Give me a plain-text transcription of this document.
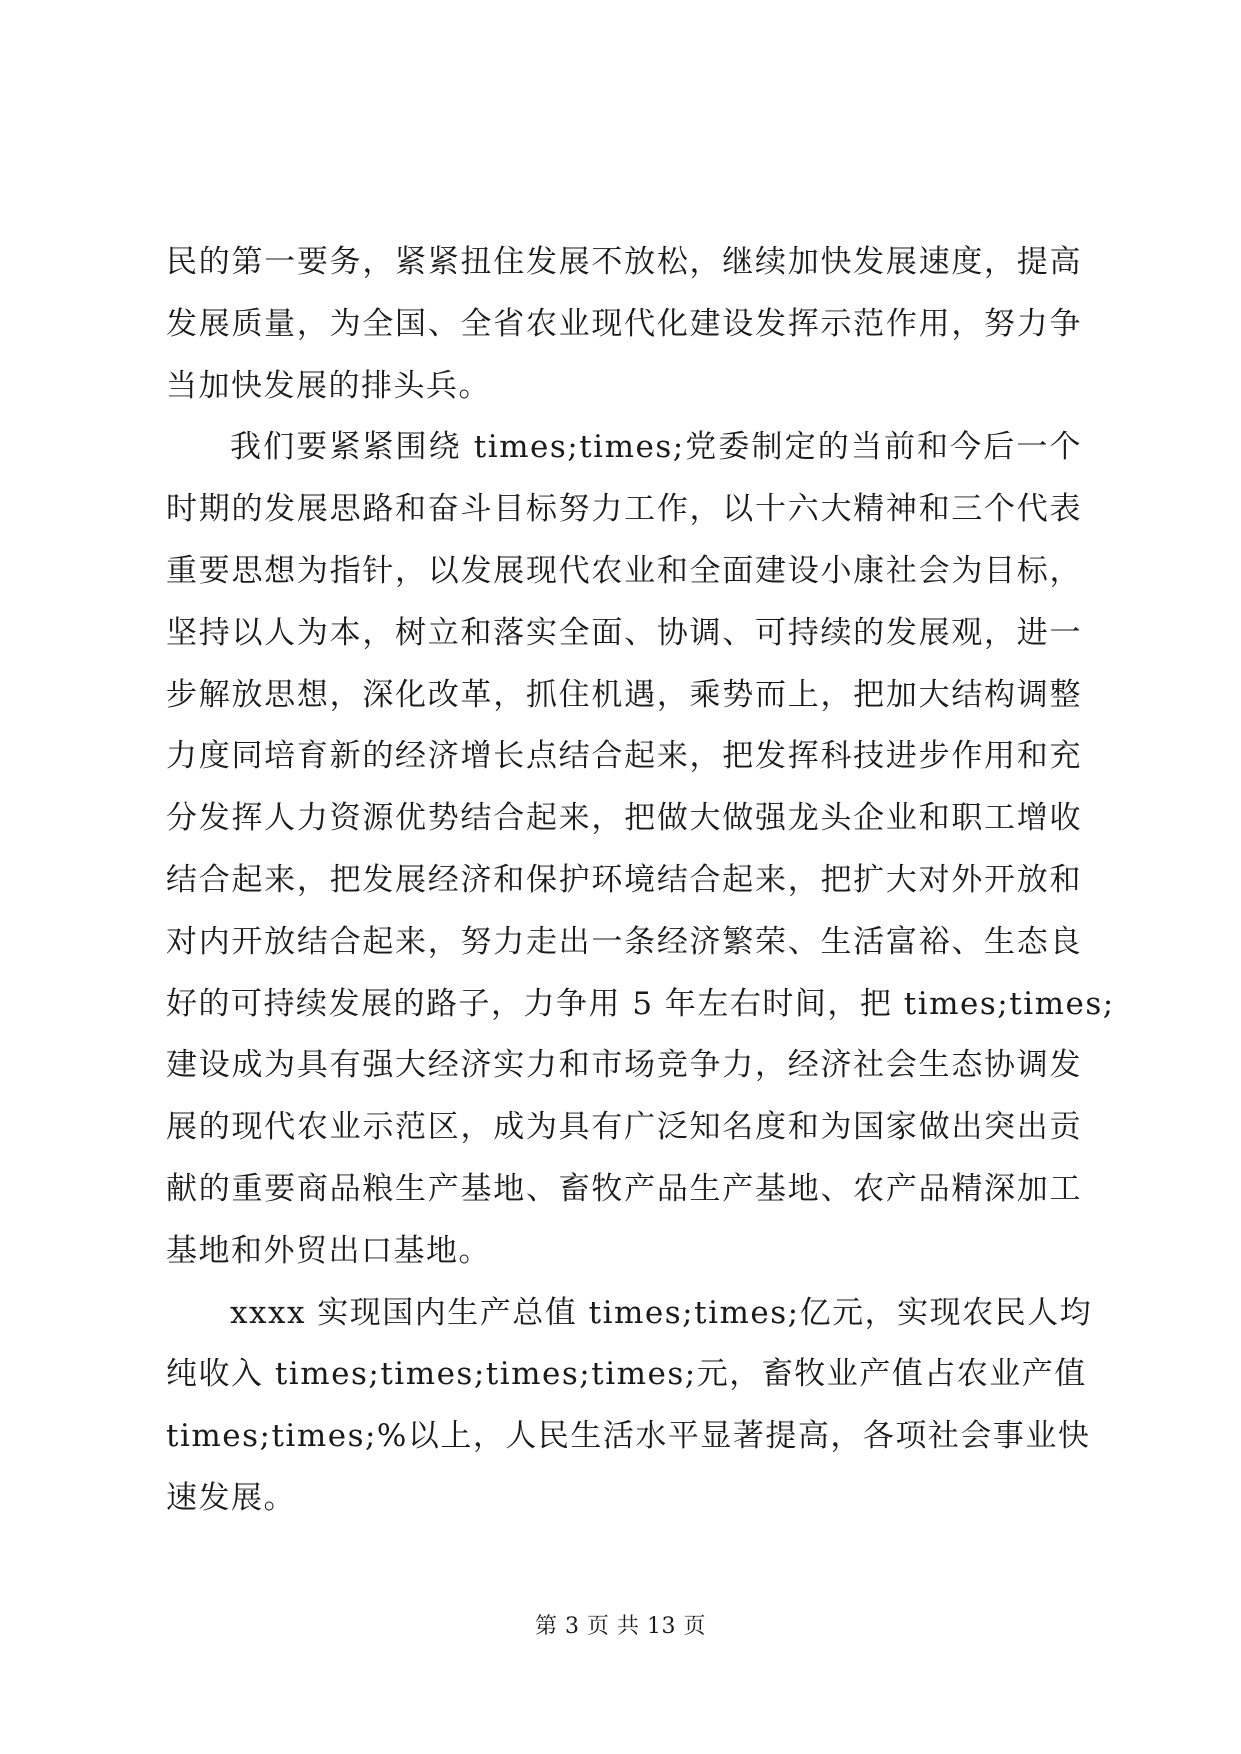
民的第一要务，紧紧扭住发展不放松，继续加快发展速度，提高
发展质量，为全国、全省农业现代化建设发挥示范作用，努力争
当加快发展的排头兵。
我们要紧紧围绕 times;times;党委制定的当前和今后一个
时期的发展思路和奋斗目标努力工作，以十六大精神和三个代表
重要思想为指针，以发展现代农业和全面建设小康社会为目标，
坚持以人为本，树立和落实全面、协调、可持续的发展观，进一
步解放思想，深化改革，抓住机遇，乘势而上，把加大结构调整
力度同培育新的经济增长点结合起来，把发挥科技进步作用和充
分发挥人力资源优势结合起来，把做大做强龙头企业和职工增收
结合起来，把发展经济和保护环境结合起来，把扩大对外开放和
对内开放结合起来，努力走出一条经济繁荣、生活富裕、生态良
好的可持续发展的路子，力争用 5 年左右时间，把 times;times;
建设成为具有强大经济实力和市场竞争力，经济社会生态协调发
展的现代农业示范区，成为具有广泛知名度和为国家做出突出贡
献的重要商品粮生产基地、畜牧产品生产基地、农产品精深加工
基地和外贸出口基地。
xxxx 实现国内生产总值 times;times;亿元，实现农民人均
纯收入 times;times;times;times;元，畜牧业产值占农业产值
times;times;%以上，人民生活水平显著提高，各项社会事业快
速发展。
第 3 页 共 13 页
